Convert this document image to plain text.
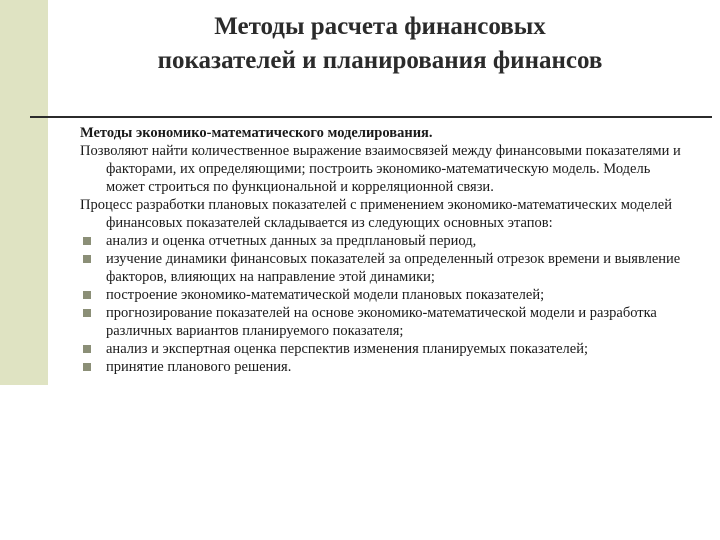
Методы расчета финансовых
показателей и планирования финансов

Методы экономико-математического моделирования.

Позволяют найти количественное выражение взаимосвязей между финансовыми показателями и факторами, их определяющими; построить экономико-математическую модель. Модель может строиться по функциональной и корреляционной связи.

Процесс разработки плановых показателей с применением экономико-математических моделей финансовых показателей складывается из следующих основных этапов:

анализ и оценка отчетных данных за предплановый период,
изучение динамики финансовых показателей за определенный отрезок времени и выявление факторов, влияющих на направление этой динамики;
построение экономико-математической модели плановых показателей;
прогнозирование показателей на основе экономико-математической модели и разработка различных вариантов планируемого показателя;
анализ и экспертная оценка перспектив изменения планируемых показателей;
принятие планового решения.
